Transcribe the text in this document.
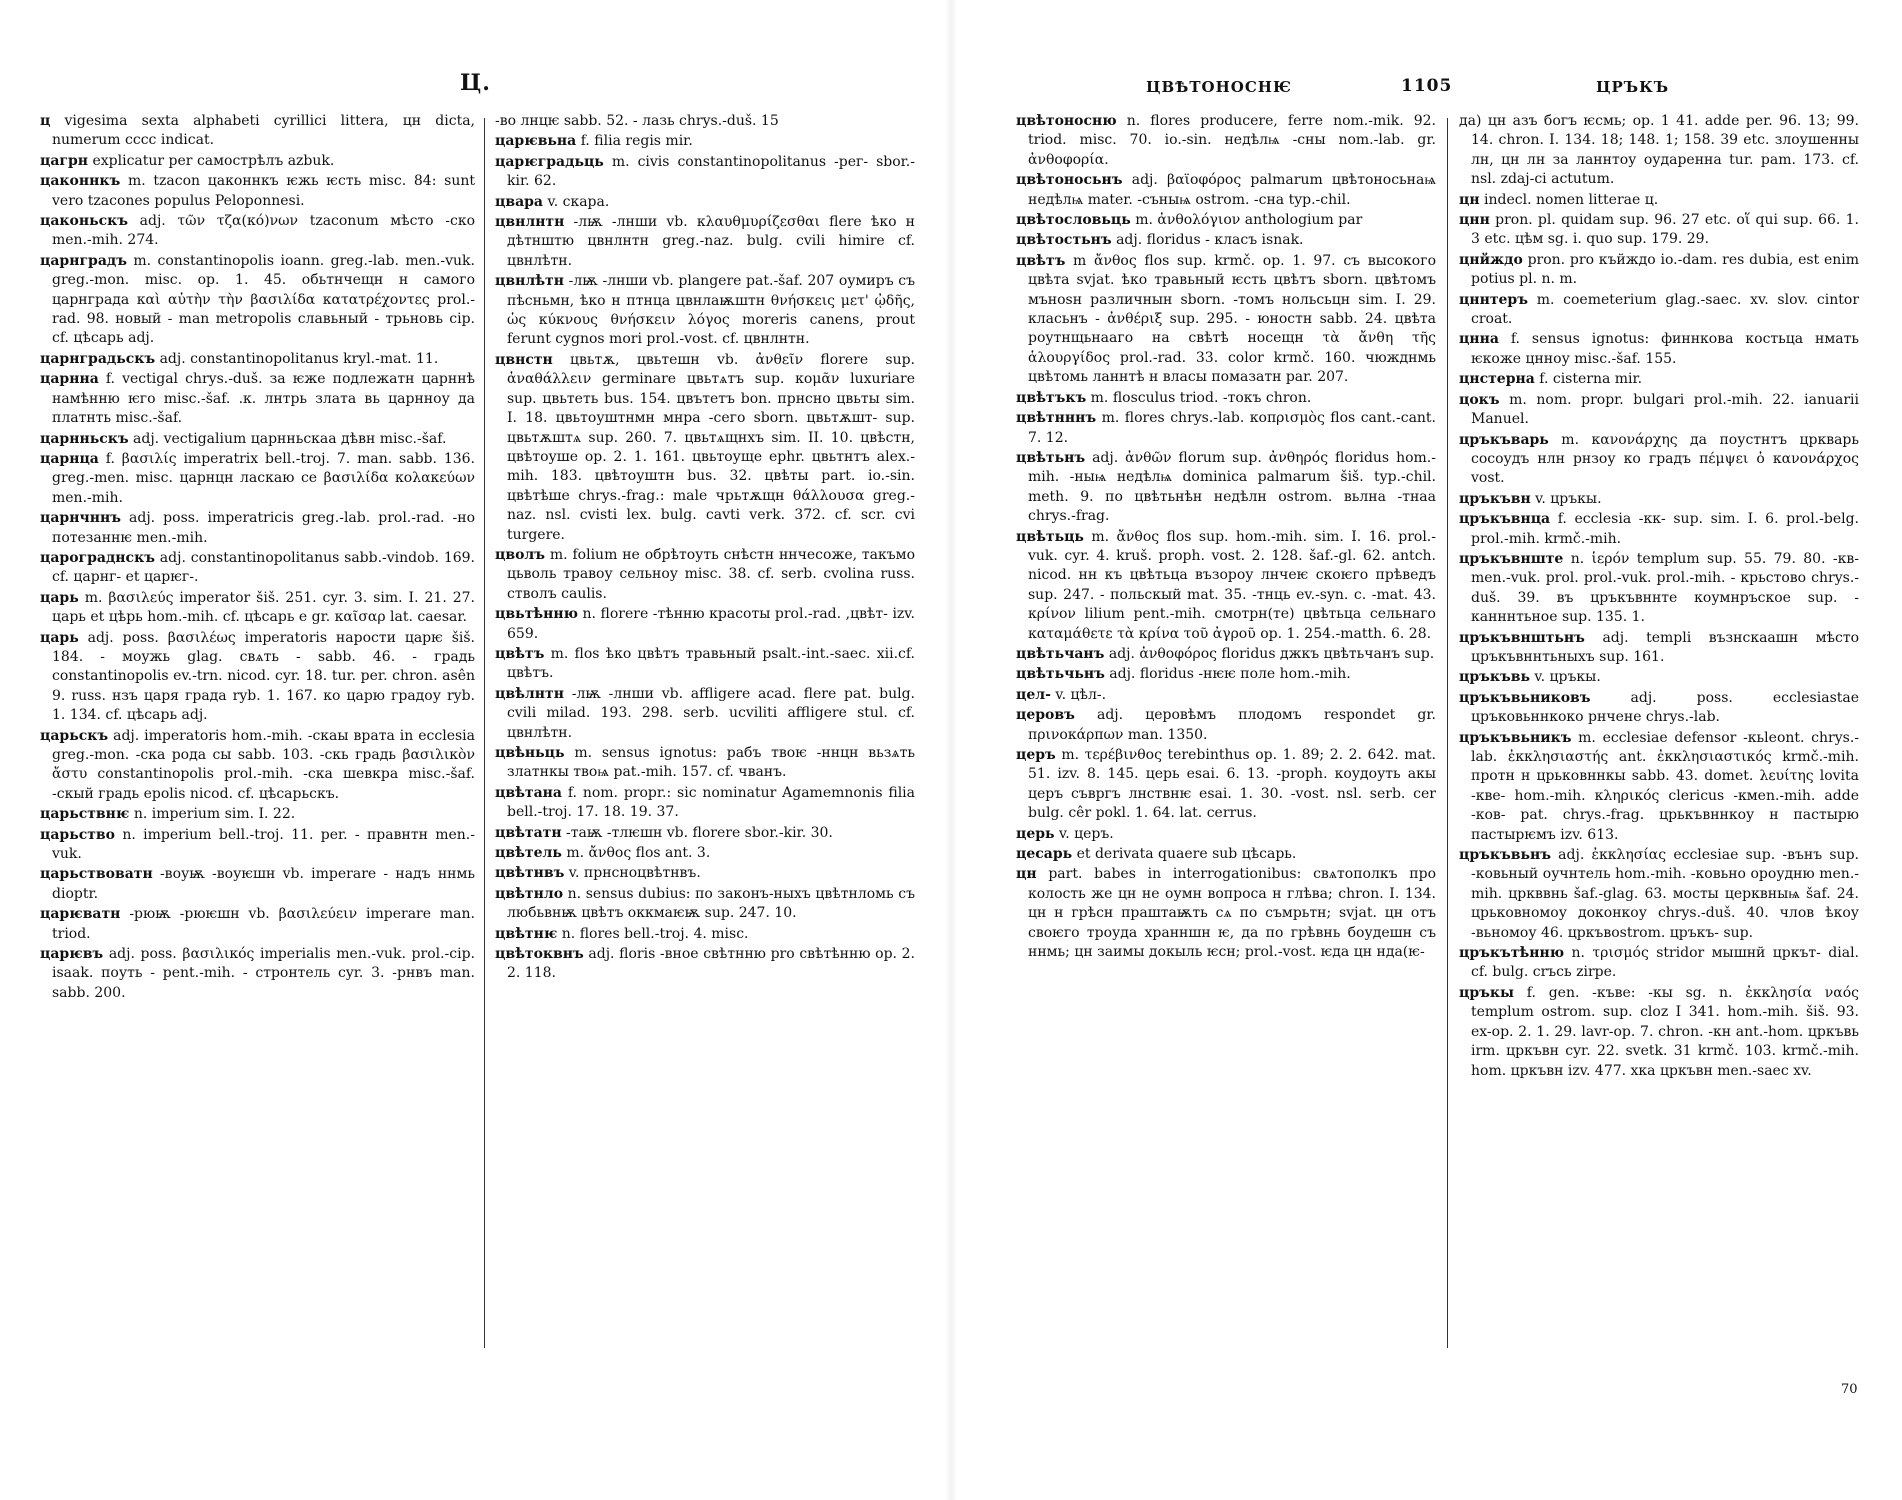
Ц.
ц vigesima sexta alphabeti cyrillici littera, цн dicta, numerum cccc indicat.
цагрн explicatur per самострѣлъ azbuk.
цаконнкъ m. tzacon цаконнкъ ѥжь ѥсть misc. 84: sunt vero tzacones populus Peloponnesi.
цаконьскъ adj. τῶν τζα(κό)νων tzaconum мѣсто -ско men.-mih. 274.
царнградъ m. constantinopolis ioann. greg.-lab. men.-vuk. greg.-mon. misc. op. 1. 45. обьтнчещн н самого царнграда καὶ αὐτὴν τὴν βασιλίδα κατατρέχοντες prol.-rad. 98. новый - man metropolis славьный - трьновь cip. cf. цѣсарь adj.
царнградьскъ adj. constantinopolitanus kryl.-mat. 11.
царнна f. vectigal chrys.-duš. за ѥже подлежатн царннѣ намѣнню ѥго misc.-šaf. .к. лнтрь злата вь царнноу да платнть misc.-šaf.
царнньскъ adj. vectigalium царнньскаа дѣвн misc.-šaf.
царнца f. βασιλίς imperatrix bell.-troj. 7. man. sabb. 136. greg.-men. misc. царнцн ласкаю се βασιλίδα κολακεύων men.-mih.
царнчннъ adj. poss. imperatricis greg.-lab. prol.-rad. -но потезаннѥ men.-mih.
царограднскъ adj. constantinopolitanus sabb.-vindob. 169. cf. царнг- et царѥг-.
царь m. βασιλεύς imperator šiš. 251. cyr. 3. sim. I. 21. 27. царь et цѣрь hom.-mih. cf. цѣсарь e gr. καῖσαρ lat. caesar.
царь adj. poss. βασιλέως imperatoris нарости царѥ šiš. 184. - моужь glag. свѧть - sabb. 46. - градь constantinopolis ev.-trn. nicod. cyr. 18. tur. per. chron. asên 9. russ. нзъ царя града ryb. 1. 167. ко царю градоу ryb. 1. 134. cf. цѣсарь adj.
царьскъ adj. imperatoris hom.-mih. -скаы врата in ecclesia greg.-mon. -ска рода сы sabb. 103. -скь градь βασιλικὸν ἄστυ constantinopolis prol.-mih. -ска шевкра misc.-šaf. -скый градь epolis nicod. cf. цѣсарьскъ.
царьствнѥ n. imperium sim. I. 22.
царьство n. imperium bell.-troj. 11. per. - правнтн men.-vuk.
царьствоватн -воуѭ -воуѥшн vb. imperare - надъ ннмь dioptr.
царѥватн -рюѭ -рюѥшн vb. βασιλεύειν imperare man. triod.
царѥвъ adj. poss. βασιλικός imperialis men.-vuk. prol.-cip. isaak. поуть - pent.-mih. - стронтель cyr. 3. -рнвъ man. sabb. 200.
-во лнцѥ sabb. 52. - лазь chrys.-duš. 15
царѥвьна f. filia regis mir.
царѥградьць m. civis constantinopolitanus -рег- sbor.-kir. 62.
цвара v. скара.
цвнлнтн -лѭ -лнши vb. κλαυθμυρίζεσθαι flere ѣко н дѣтнштю цвнлнтн greg.-naz. bulg. cvili himire cf. цвнлѣтн.
цвнлѣтн -лѭ -лнши vb. plangere pat.-šaf. 207 оумиръ съ пѣсньмн, ѣко н птнца цвнлаѭштн θνήσκεις μετ' ᾠδῆς, ὡς κύκνους θνήσκειν λόγος moreris canens, prout ferunt cygnos mori prol.-vost. cf. цвнлнтн.
цвнстн цвьтѫ, цвьтешн vb. ἀνθεῖν florere sup. ἀναθάλλειν germinare цвьтѧтъ sup. κομᾶν luxuriare sup. цвьтеть bus. 154. цвътетъ bon. прнсно цвьты sim. I. 18. цвьтоуштнмн мнра -сего sborn. цвьтѫшт- sup. цвьтѫштѧ sup. 260. 7. цвьтѧщнхъ sim. II. 10. цвѣстн, цвѣтоуше op. 2. 1. 161. цвьтоуще ephr. цвьтнтъ alex.-mih. 183. цвѣтоуштн bus. 32. цвѣты part. io.-sin. цвѣтѣше chrys.-frag.: male чрьтѫщн θάλλουσα greg.-naz. nsl. cvisti lex. bulg. cavti verk. 372. cf. scr. cvi turgere.
цволъ m. folium не обрѣтоуть снѣстн ннчесоже, такъмо цьволь травоу сельноу misc. 38. cf. serb. cvolina russ. стволъ caulis.
цвьтѣнню n. florere -тѣнню красоты prol.-rad. ,цвѣт- izv. 659.
цвѣтъ m. flos ѣко цвѣтъ травьный psalt.-int.-saec. xii.cf. цвѣтъ.
цвѣлнтн -лѭ -лнши vb. affligere acad. flere pat. bulg. cvili milad. 193. 298. serb. ucviliti affligere stul. cf. цвнлѣтн.
цвѣньць m. sensus ignotus: рабъ твоѥ -ннцн вьзѧть златнкы твоѩ pat.-mih. 157. cf. чванъ.
цвѣтана f. nom. propr.: sic nominatur Agamemnonis filia bell.-troj. 17. 18. 19. 37.
цвѣтатн -таѭ -тлѥшн vb. florere sbor.-kir. 30.
цвѣтель m. ἄνθος flos ant. 3.
цвѣтнвъ v. прнсноцвѣтнвъ.
цвѣтнло n. sensus dubius: по законъ-ныхъ цвѣтнломь съ любьвнѭ цвѣтъ оккмаѥѭ sup. 247. 10.
цвѣтнѥ n. flores bell.-troj. 4. misc.
цвѣтоквнъ adj. floris -вное свѣтнню pro свѣтѣнню op. 2. 2. 118.
ЦВѢТОНОСНѤ	1105	ЦРЪКЪ
цвѣтоносню n. flores producere, ferre nom.-mik. 92. triod. misc. 70. io.-sin. недѣлѩ -сны nom.-lab. gr. ἀνθοφορία.
цвѣтоносьнъ adj. βαϊοφόρος palmarum цвѣтоносьнаѩ недѣлѩ mater. -съныѩ ostrom. -сна typ.-chil.
цвѣтословьць m. ἀνθολόγιον anthologium par
цвѣтостьнъ adj. floridus - класъ isnak.
цвѣтъ m ἄνθος flos sup. krmč. op. 1. 97. съ высокого цвѣта svjat. ѣко травьный ѥсть цвѣтъ sborn. цвѣтомъ мъноѕн различнын sborn. -томъ нольсьцн sim. I. 29. класьнъ - ἀνθέριξ sup. 295. - юностн sabb. 24. цвѣта роутнщьнааго на свѣтѣ носещн τὰ ἄνθη τῆς ἁλουργίδος prol.-rad. 33. color krmč. 160. чюжднмь цвѣтомь ланнтѣ н власы помазатн par. 207.
цвѣтъкъ m. flosculus triod. -токъ chron.
цвѣтнннъ m. flores chrys.-lab. κοπρισμὸς flos cant.-cant. 7. 12.
цвѣтьнъ adj. ἀνθῶν florum sup. ἀνθηρός floridus hom.-mih. -ныѩ недѣлѩ dominica palmarum šiš. typ.-chil. meth. 9. по цвѣтьнѣн недѣлн ostrom. вьлна -тнаа chrys.-frag.
цвѣтьць m. ἄνθος flos sup. hom.-mih. sim. I. 16. prol.-vuk. cyr. 4. kruš. proph. vost. 2. 128. šaf.-gl. 62. antch. nicod. нн къ цвѣтьца възороу лнчеѥ скоѥго прѣведъ sup. 247. - польскый mat. 35. -тнць ev.-syn. c. -mat. 43. κρίνον lilium pent.-mih. смотрн(те) цвѣтьца сельнаго καταμάθετε τὰ κρίνα τοῦ ἀγροῦ op. 1. 254.-matth. 6. 28.
цвѣтьчанъ adj. ἀνθοφόρος floridus джкъ цвѣтьчанъ sup.
цвѣтьчьнъ adj. floridus -нѥѥ поле hom.-mih.
цел- v. цѣл-.
церовъ adj. церовѣмъ плодомъ respondet gr. πρινοκάρπων man. 1350.
церъ m. τερέβινθος terebinthus op. 1. 89; 2. 2. 642. mat. 51. izv. 8. 145. церь esai. 6. 13. -proph. коудоуть акы церъ съвргъ лнствнѥ esai. 1. 30. -vost. nsl. serb. cer bulg. cêr pokl. 1. 64. lat. cerrus.
церь v. церъ.
цесарь et derivata quaere sub цѣсарь.
цн part. babes in interrogationibus: свѧтополкъ про колость же цн не оумн вопроса н глѣва; chron. I. 134. цн н грѣсн праштаѭть сѧ по съмрьтн; svjat. цн отъ своѥго троуда хранншн ѥ, да по грѣвнь боудешн съ ннмь; цн заимы докыль ѥсн; prol.-vost. ѥда цн нда(ѥ-
да) цн азъ богъ ѥсмь; op. 1 41. adde per. 96. 13; 99. 14. chron. I. 134. 18; 148. 1; 158. 39 etc. злоушенны лн, цн лн за ланнтоу оударенна tur. pam. 173. cf. nsl. zdaj-ci actutum.
цн indecl. nomen litterae ц.
цнн pron. pl. quidam sup. 96. 27 etc. οἵ qui sup. 66. 1. 3 etc. цѣм sg. i. quo sup. 179. 29.
цнйждо pron. pro къйждо io.-dam. res dubia, est enim potius pl. n. m.
цннтеръ m. coemeterium glag.-saec. xv. slov. cintor croat.
цнна f. sensus ignotus: финнкова костьца нмать ѥкоже цнноу misc.-šaf. 155.
цнстерна f. cisterna mir.
цокъ m. nom. propr. bulgari prol.-mih. 22. ianuarii Manuel.
цръкъварь m. κανονάρχης да поустнтъ цркварь сосоудъ нлн рнзоу ко градъ πέμψει ὁ κανονάρχος vost.
цръкъвн v. цръкы.
цръкъвнца f. ecclesia -кк- sup. sim. I. 6. prol.-belg. prol.-mih. krmč.-mih.
цръкъвнште n. ἱερόν templum sup. 55. 79. 80. -кв- men.-vuk. prol. prol.-vuk. prol.-mih. - крьстово chrys.-duš. 39. въ цръкъвннте коумнръское sup. - канннтьное sup. 135. 1.
цръкъвнштьнъ adj. templi възнскаашн мѣсто цръкъвннтьныхъ sup. 161.
цръкъвь v. цръкы.
цръкъвьниковъ	adj. poss. ecclesiastae цръковьннкоко рнчене chrys.-lab.
цръкъвьникъ m. ecclesiae defensor -кьleont. chrys.-lab. ἐκκλησιαστής ant. ἐκκλησιαστικός krmč.-mih. протн н црьковннкы sabb. 43. domet. λευίτης lovita -кве- hom.-mih. κληρικός clericus -кмen.-mih. adde -ков- pat. chrys.-frag. црькъвннкоу н пастырю пастырѥмъ izv. 613.
цръкъвьнъ adj. ἐκκλησίας ecclesiae sup. -вънъ sup. -ковьный оучнтель hom.-mih. -ковьно ороудню men.-mih. цркввнь šaf.-glag. 63. мосты церквныѩ šaf. 24. црьковномоу доконкоу chrys.-duš. 40. члов ѣкоу -вьномоу 46. цркъвostrom. цръкъ- sup.
цръкътѣнню n. τρισμός stridor мышнй цркът- dial. cf. bulg. crъcь zirpe.
цръкы f. gen. -къве: -кы sg. n. ἐκκλησία ναός templum ostrom. sup. cloz I 341. hom.-mih. šiš. 93. ex-op. 2. 1. 29. lavr-op. 7. chron. -кн ant.-hom. цркъвь irm. цркъвн cyr. 22. svetk. 31 krmč. 103. krmč.-mih. hom. цркъвн izv. 477. хка цркъвн men.-saec xv.
70
